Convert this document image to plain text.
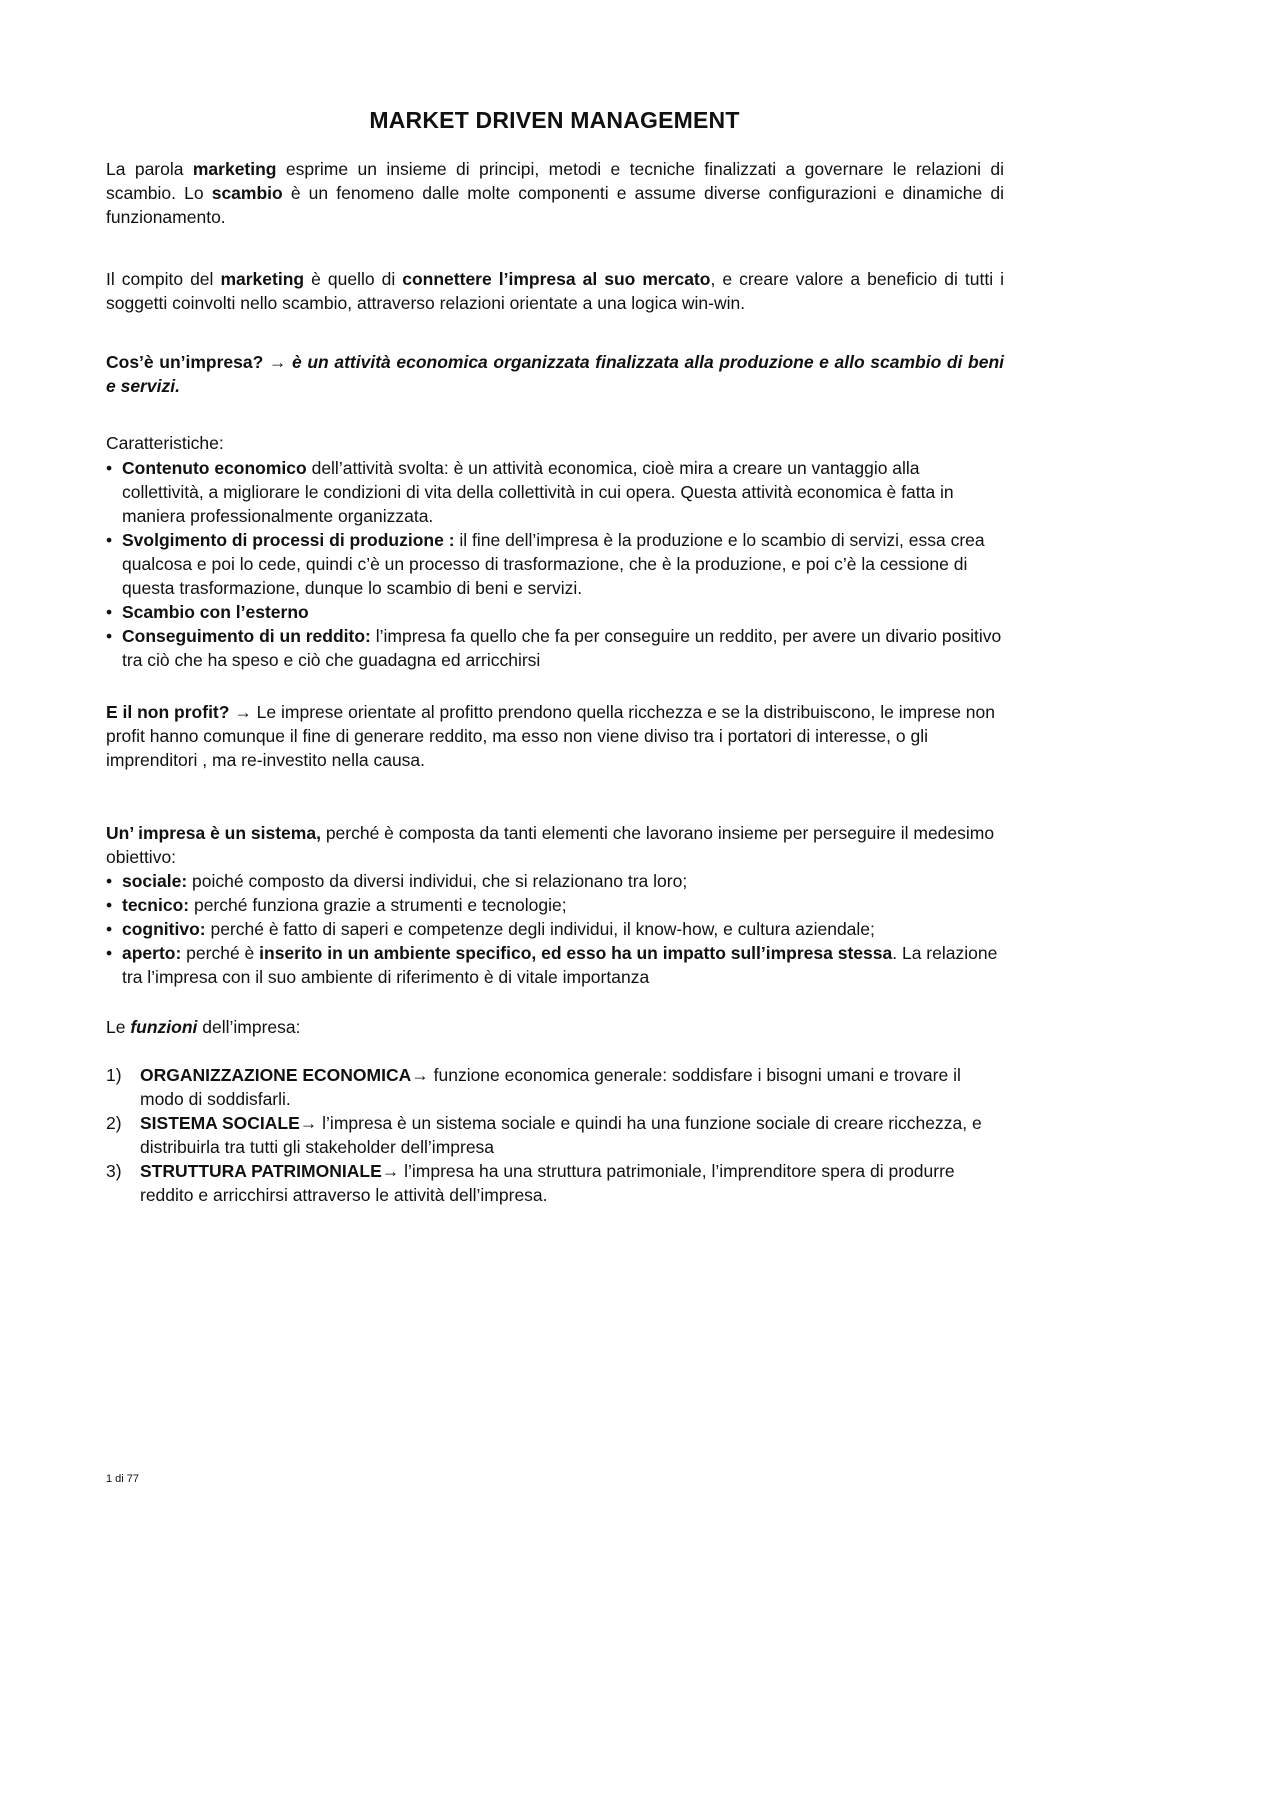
MARKET DRIVEN MANAGEMENT

La parola marketing esprime un insieme di principi, metodi e tecniche finalizzati a governare le relazioni di scambio. Lo scambio è un fenomeno dalle molte componenti e assume diverse configurazioni e dinamiche di funzionamento.

Il compito del marketing è quello di connettere l’impresa al suo mercato, e creare valore a beneficio di tutti i soggetti coinvolti nello scambio, attraverso relazioni orientate a una logica win-win.

Cos’è un’impresa? → è un attività economica organizzata finalizzata alla produzione e allo scambio di beni e servizi.

Caratteristiche:

• Contenuto economico dell’attività svolta: è un attività economica, cioè mira a creare un vantaggio alla collettività, a migliorare le condizioni di vita della collettività in cui opera. Questa attività economica è fatta in maniera professionalmente organizzata.
• Svolgimento di processi di produzione : il fine dell’impresa è la produzione e lo scambio di servizi, essa crea qualcosa e poi lo cede, quindi c’è un processo di trasformazione, che è la produzione, e poi c’è la cessione di questa trasformazione, dunque lo scambio di beni e servizi.
• Scambio con l’esterno
• Conseguimento di un reddito: l’impresa fa quello che fa per conseguire un reddito, per avere un divario positivo tra ciò che ha speso e ciò che guadagna ed arricchirsi

E il non profit? → Le imprese orientate al profitto prendono quella ricchezza e se la distribuiscono, le imprese non profit hanno comunque il fine di generare reddito, ma esso non viene diviso tra i portatori di interesse, o gli imprenditori , ma re-investito nella causa.

Un’ impresa è un sistema, perché è composta da tanti elementi che lavorano insieme per perseguire il medesimo obiettivo:

• sociale: poiché composto da diversi individui, che si relazionano tra loro;
• tecnico: perché funziona grazie a strumenti e tecnologie;
• cognitivo: perché è fatto di saperi e competenze degli individui, il know-how, e cultura aziendale;
• aperto: perché è inserito in un ambiente specifico, ed esso ha un impatto sull’impresa stessa. La relazione tra l’impresa con il suo ambiente di riferimento è di vitale importanza

Le funzioni dell’impresa:

1) ORGANIZZAZIONE ECONOMICA→ funzione economica generale: soddisfare i bisogni umani e trovare il modo di soddisfarli.
2) SISTEMA SOCIALE→ l’impresa è un sistema sociale e quindi ha una funzione sociale di creare ricchezza, e distribuirla tra tutti gli stakeholder dell’impresa
3) STRUTTURA PATRIMONIALE→ l’impresa ha una struttura patrimoniale, l’imprenditore spera di produrre reddito e arricchirsi attraverso le attività dell’impresa.
1 di 77
